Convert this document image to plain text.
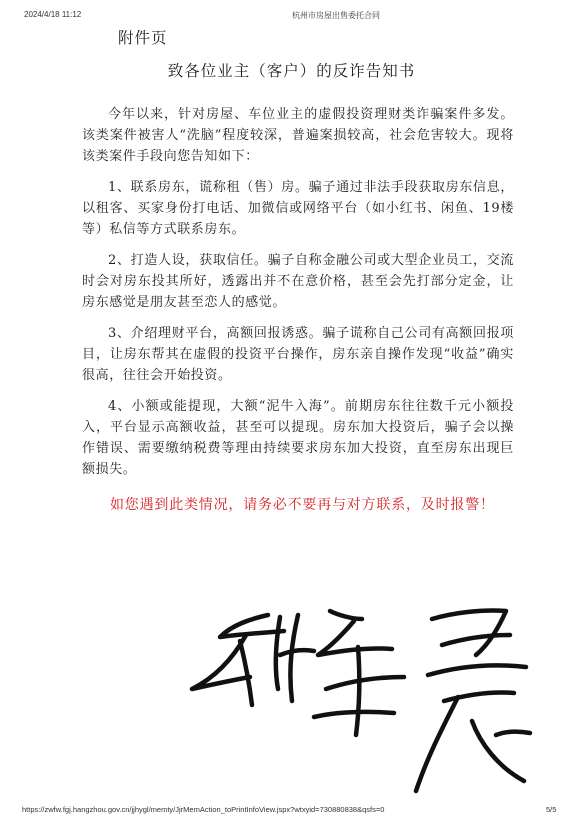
2024/4/18 11:12	杭州市房屋出售委托合同
附件页
致各位业主（客户）的反诈告知书

今年以来，针对房屋、车位业主的虚假投资理财类诈骗案件多发。该类案件被害人“洗脑”程度较深，普遍案损较高，社会危害较大。现将该类案件手段向您告知如下：

1、联系房东，谎称租（售）房。骗子通过非法手段获取房东信息，以租客、买家身份打电话、加微信或网络平台（如小红书、闲鱼、19楼等）私信等方式联系房东。

2、打造人设，获取信任。骗子自称金融公司或大型企业员工，交流时会对房东投其所好，透露出并不在意价格，甚至会先打部分定金，让房东感觉是朋友甚至恋人的感觉。

3、介绍理财平台，高额回报诱惑。骗子谎称自己公司有高额回报项目，让房东帮其在虚假的投资平台操作，房东亲自操作发现“收益”确实很高，往往会开始投资。

4、小额或能提现，大额“泥牛入海”。前期房东往往数千元小额投入，平台显示高额收益，甚至可以提现。房东加大投资后，骗子会以操作错误、需要缴纳税费等理由持续要求房东加大投资，直至房东出现巨额损失。

如您遇到此类情况，请务必不要再与对方联系，及时报警！

https://zwfw.fgj.hangzhou.gov.cn/jjhygl/memty/JjrMemAction_toPrintInfoView.jspx?wtxyid=730880838&qsfs=0	5/5
